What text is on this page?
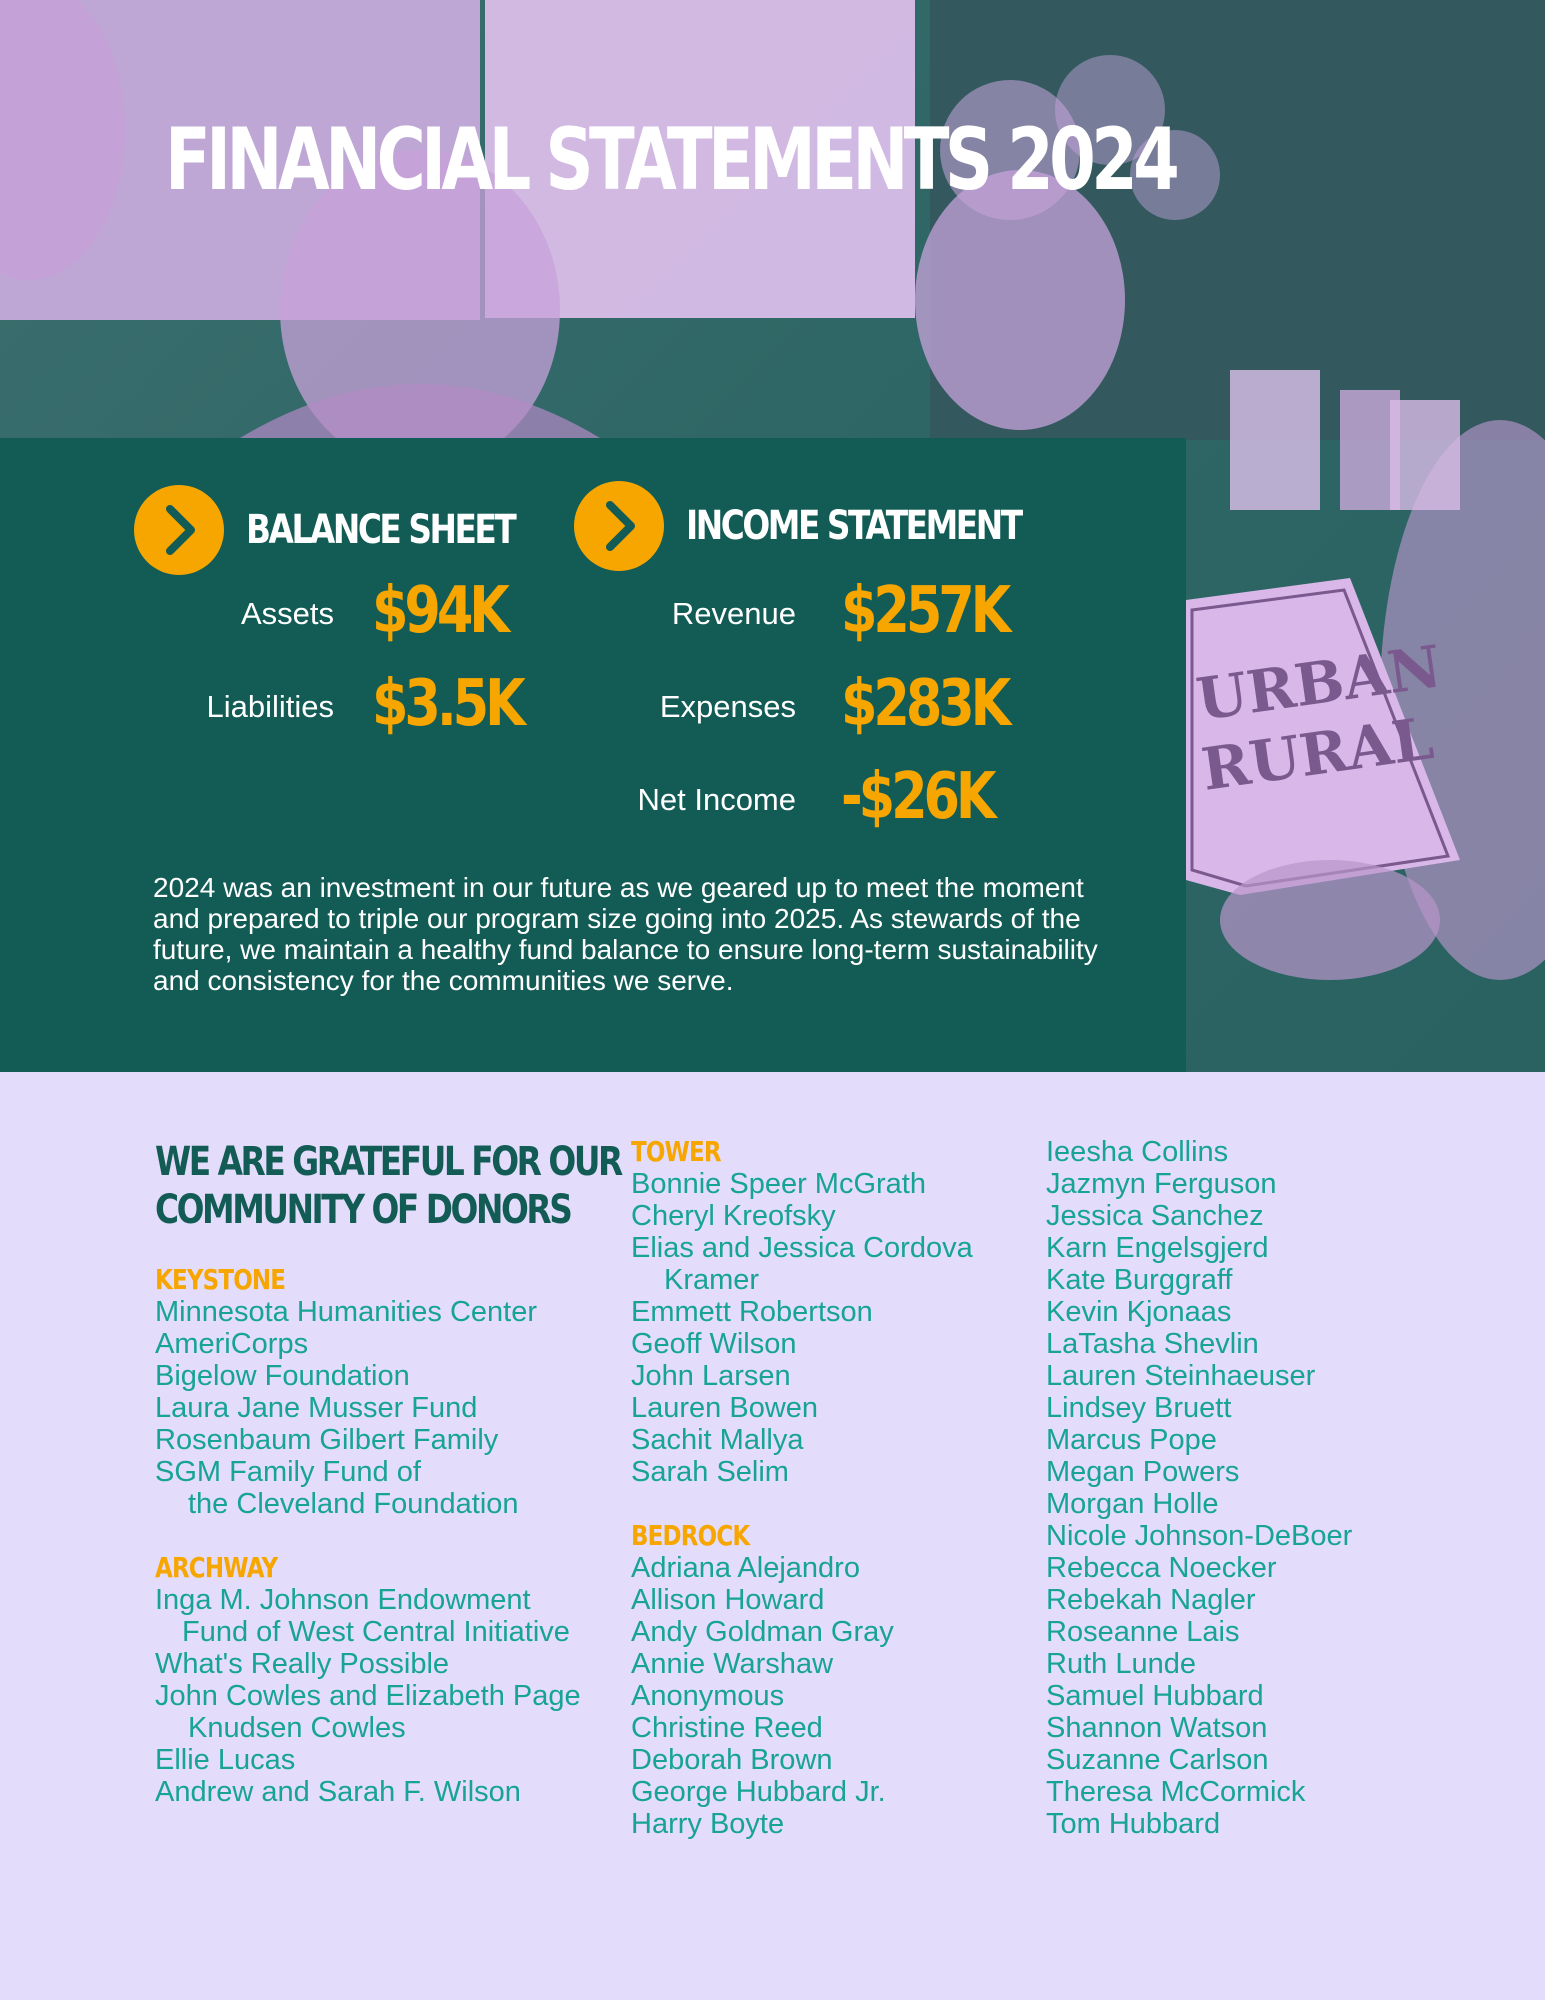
URBAN
RURAL
FINANCIAL STATEMENTS 2024
BALANCE SHEET
Assets $94K
Liabilities $3.5K
INCOME STATEMENT
Revenue $257K
Expenses $283K
Net Income -$26K

2024 was an investment in our future as we geared up to meet the moment and prepared to triple our program size going into 2025. As stewards of the future, we maintain a healthy fund balance to ensure long-term sustainability and consistency for the communities we serve.

WE ARE GRATEFUL FOR OUR
COMMUNITY OF DONORS
KEYSTONE
Minnesota Humanities Center
AmeriCorps
Bigelow Foundation
Laura Jane Musser Fund
Rosenbaum Gilbert Family
SGM Family Fund of
the Cleveland Foundation
ARCHWAY
Inga M. Johnson Endowment
Fund of West Central Initiative
What's Really Possible
John Cowles and Elizabeth Page
Knudsen Cowles
Ellie Lucas
Andrew and Sarah F. Wilson
TOWER
Bonnie Speer McGrath
Cheryl Kreofsky
Elias and Jessica Cordova
Kramer
Emmett Robertson
Geoff Wilson
John Larsen
Lauren Bowen
Sachit Mallya
Sarah Selim
BEDROCK
Adriana Alejandro
Allison Howard
Andy Goldman Gray
Annie Warshaw
Anonymous
Christine Reed
Deborah Brown
George Hubbard Jr.
Harry Boyte
Ieesha Collins
Jazmyn Ferguson
Jessica Sanchez
Karn Engelsgjerd
Kate Burggraff
Kevin Kjonaas
LaTasha Shevlin
Lauren Steinhaeuser
Lindsey Bruett
Marcus Pope
Megan Powers
Morgan Holle
Nicole Johnson-DeBoer
Rebecca Noecker
Rebekah Nagler
Roseanne Lais
Ruth Lunde
Samuel Hubbard
Shannon Watson
Suzanne Carlson
Theresa McCormick
Tom Hubbard
